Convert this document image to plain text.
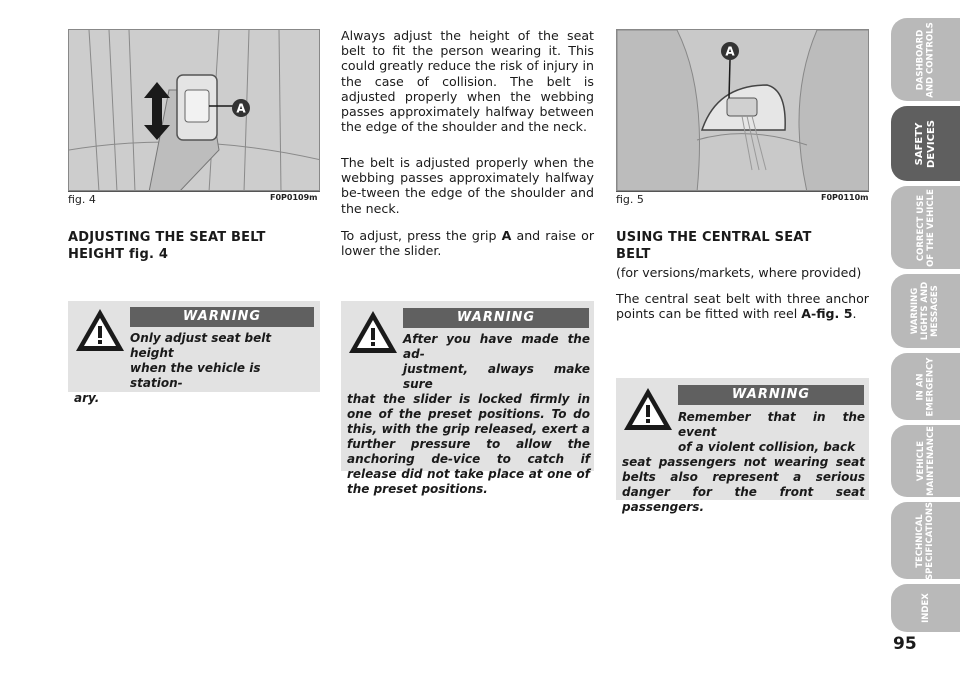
A
fig. 4	F0P0109m
A
fig. 5	F0P0110m
ADJUSTING THE SEAT BELT
HEIGHT fig. 4
WARNING
Only adjust seat belt height
when the vehicle is station-
ary.
Always adjust the height of the seat belt to fit the person wearing it. This could greatly reduce the risk of injury in the case of collision. The belt is adjusted properly when the webbing passes approximately halfway between the edge of the shoulder and the neck.
The belt is adjusted properly when the webbing passes approximately halfway be-tween the edge of the shoulder and the neck.
To adjust, press the grip A and raise or lower the slider.
WARNING
After you have made the ad-
justment, always make sure
that the slider is locked firmly in one of the preset positions. To do this, with the grip released, exert a further pressure to allow the anchoring de-vice to catch if release did not take place at one of the preset positions.
USING THE CENTRAL SEAT
BELT
(for versions/markets, where provided)
The central seat belt with three anchor points can be fitted with reel A-fig. 5.
WARNING
Remember that in the event
of a violent collision, back
seat passengers not wearing seat belts also represent a serious danger for the front seat passengers.
DASHBOARD
AND CONTROLS
SAFETY
DEVICES
CORRECT USE
OF THE VEHICLE
WARNING
LIGHTS AND
MESSAGES
IN AN
EMERGENCY
VEHICLE
MAINTENANCE
TECHNICAL
SPECIFICATIONS
INDEX
95
